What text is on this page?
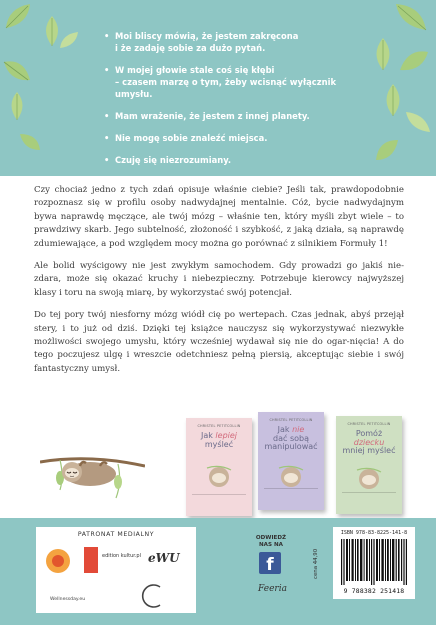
• Moi bliscy mówią, że jestem zakręcona
i że zadaję sobie za dużo pytań.
• W mojej głowie stale coś się kłębi
– czasem marzę o tym, żeby wcisnąć wyłącznik umysłu.
• Mam wrażenie, że jestem z innej planety.
• Nie mogę sobie znaleźć miejsca.
• Czuję się niezrozumiany.

Czy chociaż jedno z tych zdań opisuje właśnie ciebie? Jeśli tak, prawdopodobnie rozpoznasz się w profilu osoby nadwydajnej mentalnie. Cóż, bycie nadwydajnym bywa naprawdę męczące, ale twój mózg – właśnie ten, który myśli zbyt wiele – to prawdziwy skarb. Jego subtelność, złożoność i szybkość, z jaką działa, są naprawdę zdumiewające, a pod względem mocy można go porównać z silnikiem Formuły 1!

Ale bolid wyścigowy nie jest zwykłym samochodem. Gdy prowadzi go jakiś nie-zdara, może się okazać kruchy i niebezpieczny. Potrzebuje kierowcy najwyższej klasy i toru na swoją miarę, by wykorzystać swój potencjał.

Do tej pory twój niesforny mózg wiódł cię po wertepach. Czas jednak, abyś przejął stery, i to już od dziś. Dzięki tej książce nauczysz się wykorzystywać niezwykłe możliwości swojego umysłu, który wcześniej wydawał się nie do ogar-nięcia! A do tego poczujesz ulgę i wreszcie odetchniesz pełną piersią, akceptując siebie i swój fantastyczny umysł.

Przeczytaj także
CHRISTEL PETITCOLLIN
Jak lepiej
myśleć
CHRISTEL PETITCOLLIN
Jak nie
dać sobą manipulować
CHRISTEL PETITCOLLIN
Pomóż dziecku
mniej myśleć
PATRONAT MEDIALNY
edition kultur.pl eWU
Wellnessday.eu
ODWIEDŹ
NAS NA
f
Feeria
cena 44,90
ISBN 978-83-8225-141-8
9 788382 251418
